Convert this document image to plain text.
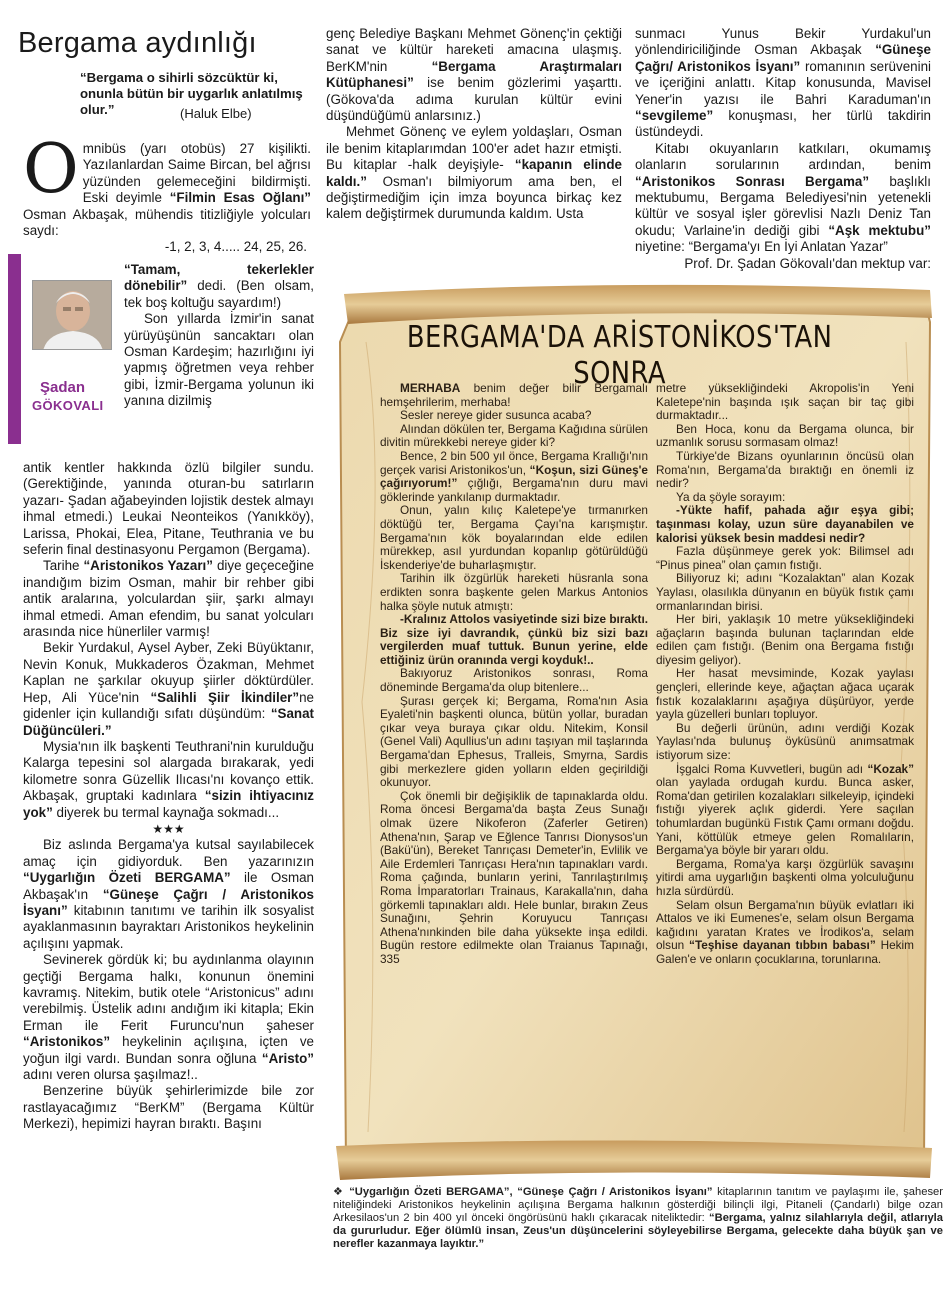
Bergama aydınlığı
“Bergama o sihirli sözcüktür ki, onunla bütün bir uygarlık anlatılmış olur.”	(Haluk Elbe)

Omnibüs (yarı otobüs) 27 kişilikti. Yazılanlardan Saime Bircan, bel ağrısı yüzünden gelemeceğini bildirmişti. Eski deyimle “Filmin Esas Oğlanı” Osman Akbaşak, mühendis titizliğiyle yolcuları saydı:

-1, 2, 3, 4..... 24, 25, 26.

Şadan
GÖKOVALI

“Tamam, tekerlekler dönebilir” dedi. (Ben olsam, tek boş koltuğu sayardım!)

Son yıllarda İzmir'in sanat yürüyüşünün sancaktarı olan Osman Kardeşim; hazırlığını iyi yapmış öğretmen veya rehber gibi, İzmir-Bergama yolunun iki yanına dizilmiş

antik kentler hakkında özlü bilgiler sundu. (Gerektiğinde, yanında oturan-bu satırların yazarı- Şadan ağabeyinden lojistik destek almayı ihmal etmedi.) Leukai Neonteikos (Yanıkköy), Larissa, Phokai, Elea, Pitane, Teuthrania ve bu seferin final destinasyonu Pergamon (Bergama).

Tarihe “Aristonikos Yazarı” diye geçeceğine inandığım bizim Osman, mahir bir rehber gibi antik aralarına, yolculardan şiir, şarkı almayı ihmal etmedi. Aman efendim, bu sanat yolcuları arasında nice hünerliler varmış!

Bekir Yurdakul, Aysel Ayber, Zeki Büyüktanır, Nevin Konuk, Mukkaderos Özakman, Mehmet Kaplan ne şarkılar okuyup şiirler döktürdüler. Hep, Ali Yüce'nin “Salihli Şiir İkindiler”ne gidenler için kullandığı sıfatı düşündüm: “Sanat Düğüncüleri.”

Mysia'nın ilk başkenti Teuthrani'nin kurulduğu Kalarga tepesini sol alargada bırakarak, yedi kilometre sonra Güzellik Ilıcası'nı kovanço ettik. Akbaşak, gruptaki kadınlara “sizin ihtiyacınız yok” diyerek bu termal kaynağa sokmadı...

★★★

Biz aslında Bergama'ya kutsal sayılabilecek amaç için gidiyorduk. Ben yazarınızın “Uygarlığın Özeti BERGAMA” ile Osman Akbaşak'ın “Güneşe Çağrı / Aristonikos İsyanı” kitabının tanıtımı ve tarihin ilk sosyalist ayaklanmasının bayraktarı Aristonikos heykelinin açılışını yapmak.

Sevinerek gördük ki; bu aydınlanma olayının geçtiği Bergama halkı, konunun önemini kavramış. Nitekim, butik otele “Aristonicus” adını verebilmiş. Üstelik adını andığım iki kitapla; Ekin Erman ile Ferit Furuncu'nun şaheser “Aristonikos” heykelinin açılışına, içten ve yoğun ilgi vardı. Bundan sonra oğluna “Aristo” adını veren olursa şaşılmaz!..

Benzerine büyük şehirlerimizde bile zor rastlayacağımız “BerKM” (Bergama Kültür Merkezi), hepimizi hayran bıraktı. Başını

genç Belediye Başkanı Mehmet Gönenç'in çektiği sanat ve kültür hareketi amacına ulaşmış. BerKM'nin “Bergama Araştırmaları Kütüphanesi” ise benim gözlerimi yaşarttı. (Gökova'da adıma kurulan kültür evini düşündüğümü anlarsınız.)

Mehmet Gönenç ve eylem yoldaşları, Osman ile benim kitaplarımdan 100'er adet hazır etmişti. Bu kitaplar -halk deyişiyle- “kapanın elinde kaldı.” Osman'ı bilmiyorum ama ben, el değiştirmediğim için imza boyunca birkaç kez kalem değiştirmek durumunda kaldım. Usta

sunmacı Yunus Bekir Yurdakul'un yönlendiriciliğinde Osman Akbaşak “Güneşe Çağrı/ Aristonikos İsyanı” romanının serüvenini ve içeriğini anlattı. Kitap konusunda, Mavisel Yener'in yazısı ile Bahri Karaduman'ın “sevgileme” konuşması, her türlü takdirin üstündeydi.

Kitabı okuyanların katkıları, okumamış olanların sorularının ardından, benim “Aristonikos Sonrası Bergama” başlıklı mektubumu, Bergama Belediyesi'nin yetenekli kültür ve sosyal işler görevlisi Nazlı Deniz Tan okudu; Varlaine'in dediği gibi “Aşk mektubu” niyetine: “Bergama'yı En İyi Anlatan Yazar”

Prof. Dr. Şadan Gökovalı'dan mektup var:

BERGAMA'DA ARİSTONİKOS'TAN SONRA

MERHABA benim değer bilir Bergamalı hemşehrilerim, merhaba!

Sesler nereye gider susunca acaba?

Alından dökülen ter, Bergama Kağıdına sürülen divitin mürekkebi nereye gider ki?

Bence, 2 bin 500 yıl önce, Bergama Krallığı'nın gerçek varisi Aristonikos'un, “Koşun, sizi Güneş'e çağırıyorum!” çığlığı, Bergama'nın duru mavi göklerinde yankılanıp durmaktadır.

Onun, yalın kılıç Kaletepe'ye tırmanırken döktüğü ter, Bergama Çayı'na karışmıştır. Bergama'nın kök boyalarından elde edilen mürekkep, asıl yurdundan kopanlıp götürüldüğü İskenderiye'de buharlaşmıştır.

Tarihin ilk özgürlük hareketi hüsranla sona erdikten sonra başkente gelen Markus Antonios halka şöyle nutuk atmıştı:

-Kralınız Attolos vasiyetinde sizi bize bıraktı. Biz size iyi davrandık, çünkü biz sizi bazı vergilerden muaf tuttuk. Bunun yerine, elde ettiğiniz ürün oranında vergi koyduk!..

Bakıyoruz Aristonikos sonrası, Roma döneminde Bergama'da olup bitenlere...

Şurası gerçek ki; Bergama, Roma'nın Asia Eyaleti'nin başkenti olunca, bütün yollar, buradan çıkar veya buraya çıkar oldu. Nitekim, Konsil (Genel Vali) Aqullius'un adını taşıyan mil taşlarında Bergama'dan Ephesus, Tralleis, Smyrna, Sardis gibi merkezlere giden yolların elden geçirildiği okunuyor.

Çok önemli bir değişiklik de tapınaklarda oldu. Roma öncesi Bergama'da başta Zeus Sunağı olmak üzere Nikoferon (Zaferler Getiren) Athena'nın, Şarap ve Eğlence Tanrısı Dionysos'un (Bakü'ün), Bereket Tanrıçası Demeter'in, Evlilik ve Aile Erdemleri Tanrıçası Hera'nın tapınakları vardı. Roma çağında, bunların yerini, Tanrılaştırılmış Roma İmparatorları Trainaus, Karakalla'nın, daha görkemli tapınakları aldı. Hele bunlar, bırakın Zeus Sunağını, Şehrin Koruyucu Tanrıçası Athena'nınkinden bile daha yüksekte inşa edildi. Bugün restore edilmekte olan Traianus Tapınağı, 335

metre yüksekliğindeki Akropolis'in Yeni Kaletepe'nin başında ışık saçan bir taç gibi durmaktadır...

Ben Hoca, konu da Bergama olunca, bir uzmanlık sorusu sormasam olmaz!

Türkiye'de Bizans oyunlarının öncüsü olan Roma'nın, Bergama'da bıraktığı en önemli iz nedir?

Ya da şöyle sorayım:

-Yükte hafif, pahada ağır eşya gibi; taşınması kolay, uzun süre dayanabilen ve kalorisi yüksek besin maddesi nedir?

Fazla düşünmeye gerek yok: Bilimsel adı “Pinus pinea” olan çamın fıstığı.

Biliyoruz ki; adını “Kozalaktan” alan Kozak Yaylası, olasılıkla dünyanın en büyük fıstık çamı ormanlarından birisi.

Her biri, yaklaşık 10 metre yüksekliğindeki ağaçların başında bulunan taçlarından elde edilen çam fıstığı. (Benim ona Bergama fıstığı diyesim geliyor).

Her hasat mevsiminde, Kozak yaylası gençleri, ellerinde keye, ağaçtan ağaca uçarak fıstık kozalaklarını aşağıya düşürüyor, yerde yayla güzelleri bunları topluyor.

Bu değerli ürünün, adını verdiği Kozak Yaylası'nda bulunuş öyküsünü anımsatmak istiyorum size:

İşgalci Roma Kuvvetleri, bugün adı “Kozak” olan yaylada ordugah kurdu. Bunca asker, Roma'dan getirilen kozalakları silkeleyip, içindeki fıstığı yiyerek açlık giderdi. Yere saçılan tohumlardan bugünkü Fıstık Çamı ormanı doğdu. Yani, köttülük etmeye gelen Romalıların, Bergama'ya böyle bir yararı oldu.

Bergama, Roma'ya karşı özgürlük savaşını yitirdi ama uygarlığın başkenti olma yolculuğunu hızla sürdürdü.

Selam olsun Bergama'nın büyük evlatları iki Attalos ve iki Eumenes'e, selam olsun Bergama kağıdını yaratan Krates ve İrodikos'a, selam olsun “Teşhise dayanan tıbbın babası” Hekim Galen'e ve onların çocuklarına, torunlarına.

❖ “Uygarlığın Özeti BERGAMA”, “Güneşe Çağrı / Aristonikos İsyanı” kitaplarının tanıtım ve paylaşımı ile, şaheser niteliğindeki Aristonikos heykelinin açılışına Bergama halkının gösterdiği bilinçli ilgi, Pitaneli (Çandarlı) bilge ozan Arkesilaos'un 2 bin 400 yıl önceki öngörüsünü haklı çıkaracak niteliktedir: “Bergama, yalnız silahlarıyla değil, atlarıyla da gururludur. Eğer ölümlü insan, Zeus'un düşüncelerini söyleyebilirse Bergama, gelecekte daha büyük şan ve nerefler kazanmaya layıktır.”
